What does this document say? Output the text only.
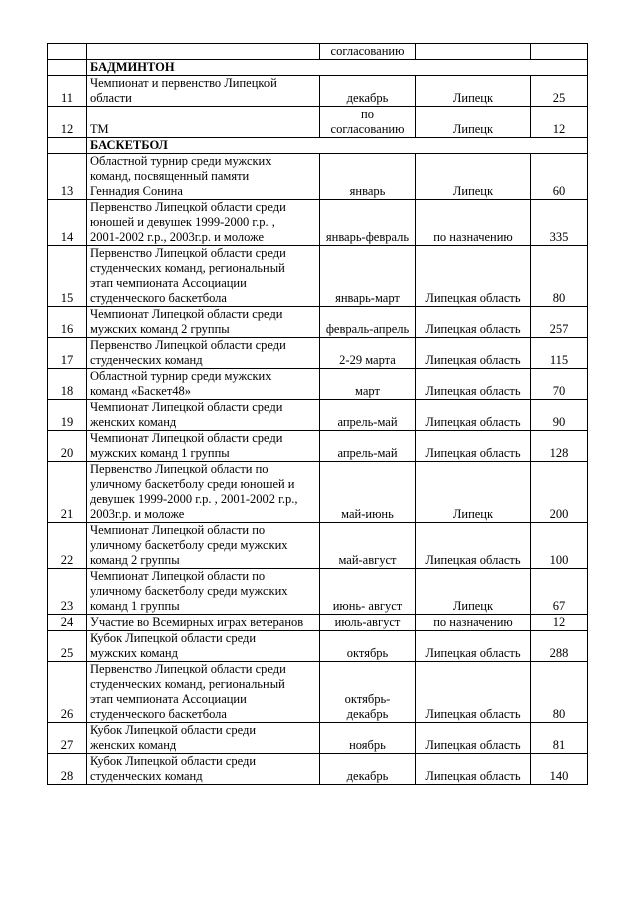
		согласованию		
	БАДМИНТОН			
11	Чемпионат и первенство Липецкой
области	декабрь	Липецк	25
12	ТМ	по
согласованию	Липецк	12
	БАСКЕТБОЛ			
13	Областной турнир среди мужских
команд, посвященный памяти
Геннадия Сонина	январь	Липецк	60
14	Первенство Липецкой области среди
юношей и девушек 1999-2000 г.р. ,
2001-2002 г.р., 2003г.р. и моложе	январь-февраль	по назначению	335
15	Первенство Липецкой области среди
студенческих команд, региональный
этап чемпионата Ассоциации
студенческого баскетбола	январь-март	Липецкая область	80
16	Чемпионат Липецкой области среди
мужских команд 2 группы	февраль-апрель	Липецкая область	257
17	Первенство Липецкой области среди
студенческих команд	2-29 марта	Липецкая область	115
18	Областной турнир среди мужских
команд «Баскет48»	март	Липецкая область	70
19	Чемпионат Липецкой области среди
женских команд	апрель-май	Липецкая область	90
20	Чемпионат Липецкой области среди
мужских команд 1 группы	апрель-май	Липецкая область	128
21	Первенство Липецкой области по
уличному баскетболу среди юношей и
девушек 1999-2000 г.р. , 2001-2002 г.р.,
2003г.р. и моложе	май-июнь	Липецк	200
22	Чемпионат Липецкой области по
уличному баскетболу среди мужских
команд 2 группы	май-август	Липецкая область	100
23	Чемпионат Липецкой области по
уличному баскетболу среди мужских
команд 1 группы	июнь- август	Липецк	67
24	Участие во Всемирных играх ветеранов	июль-август	по назначению	12
25	Кубок Липецкой области среди
мужских команд	октябрь	Липецкая область	288
26	Первенство Липецкой области среди
студенческих команд, региональный
этап чемпионата Ассоциации
студенческого баскетбола	октябрь-
декабрь	Липецкая область	80
27	Кубок Липецкой области среди
женских команд	ноябрь	Липецкая область	81
28	Кубок Липецкой области среди
студенческих команд	декабрь	Липецкая область	140
